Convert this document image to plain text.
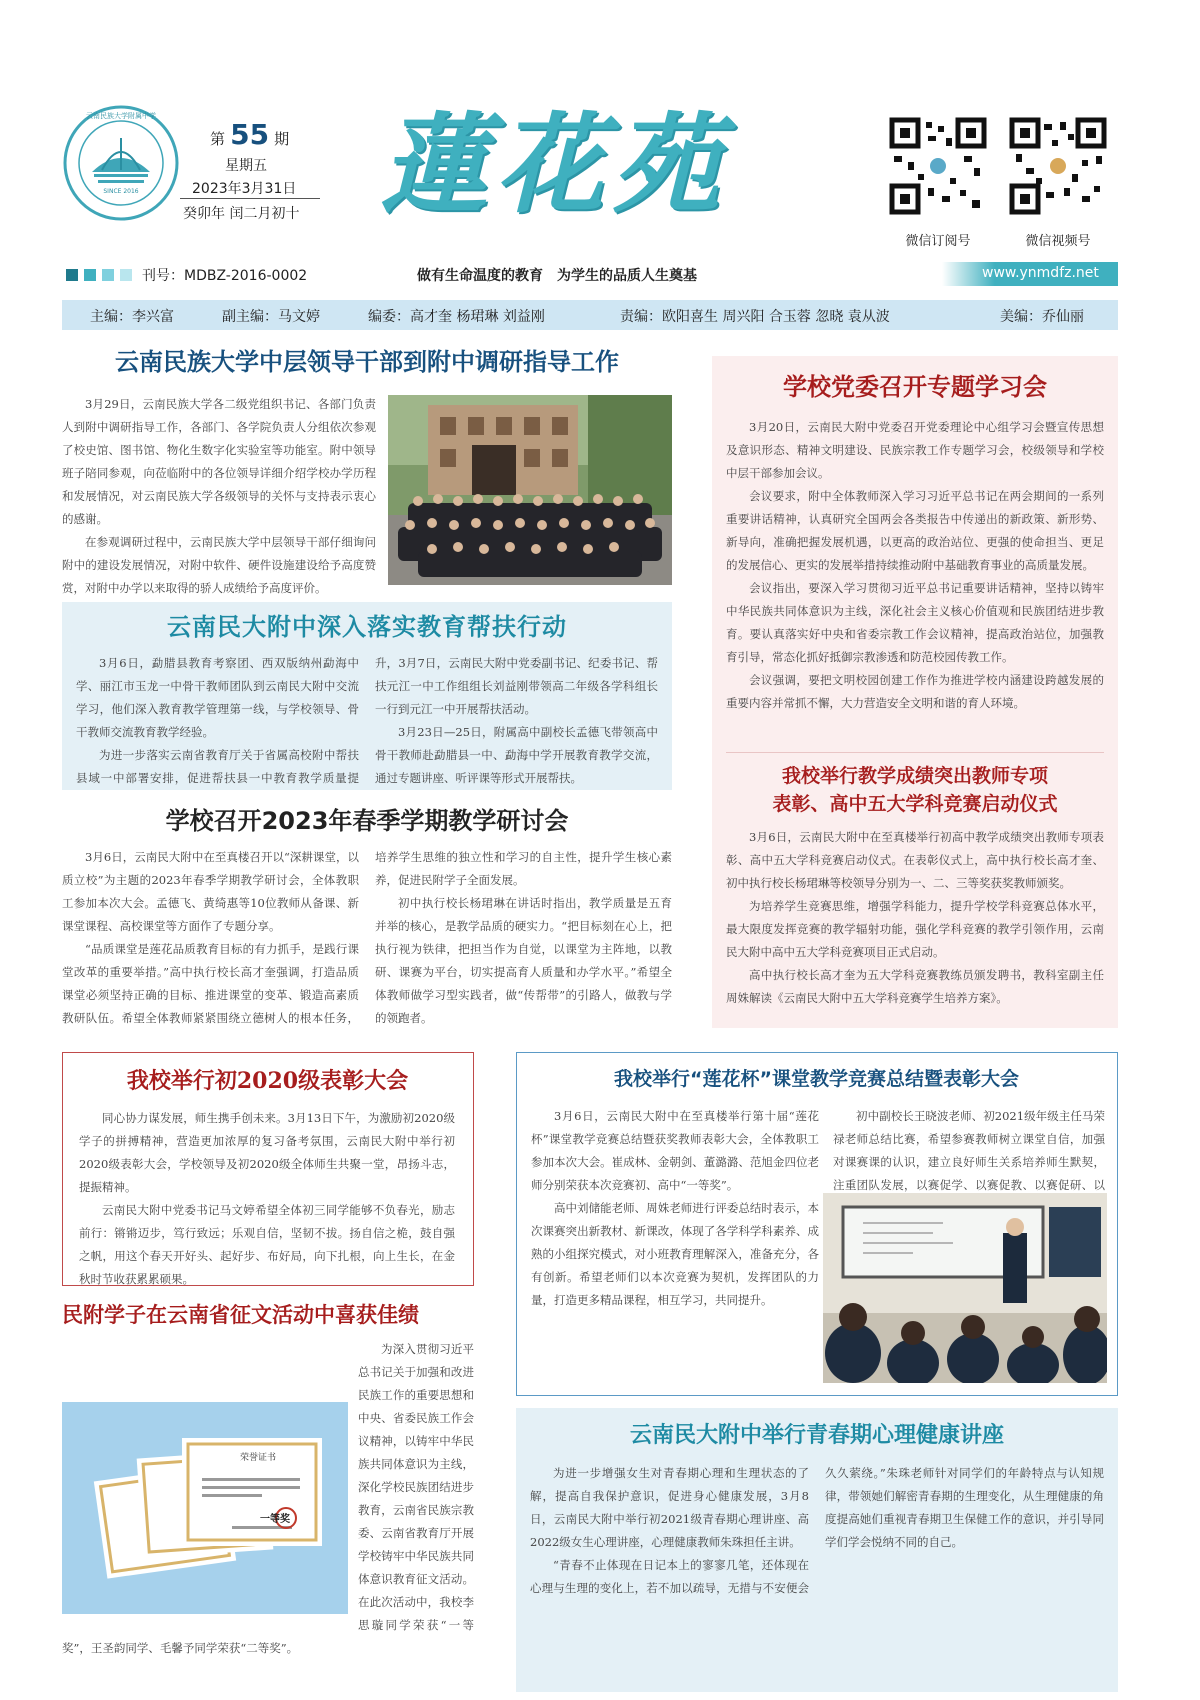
云南民族大学附属中学
SINCE 2016
第 55 期
星期五
2023年3月31日
癸卯年 闰二月初十 蓮花苑
微信订阅号	微信视频号
刊号：MDBZ-2016-0002	做有生命温度的教育　为学生的品质人生奠基	www.ynmdfz.net
主编：李兴富	副主编：马文婷	编委：高才奎 杨珺琳 刘益刚	责编：欧阳喜生 周兴阳 合玉蓉 忽晓 袁从波	美编：乔仙丽
云南民族大学中层领导干部到附中调研指导工作

3月29日，云南民族大学各二级党组织书记、各部门负责人到附中调研指导工作，各部门、各学院负责人分组依次参观了校史馆、图书馆、物化生数字化实验室等功能室。附中领导班子陪同参观，向莅临附中的各位领导详细介绍学校办学历程和发展情况，对云南民族大学各级领导的关怀与支持表示衷心的感谢。

在参观调研过程中，云南民族大学中层领导干部仔细询问附中的建设发展情况，对附中软件、硬件设施建设给予高度赞赏，对附中办学以来取得的骄人成绩给予高度评价。

云南民大附中深入落实教育帮扶行动

3月6日，勐腊县教育考察团、西双版纳州勐海中学、丽江市玉龙一中骨干教师团队到云南民大附中交流学习，他们深入教育教学管理第一线，与学校领导、骨干教师交流教育教学经验。

为进一步落实云南省教育厅关于省属高校附中帮扶县域一中部署安排，促进帮扶县一中教育教学质量提升，3月7日，云南民大附中党委副书记、纪委书记、帮扶元江一中工作组组长刘益刚带领高二年级各学科组长一行到元江一中开展帮扶活动。

3月23日—25日，附属高中副校长孟德飞带领高中骨干教师赴勐腊县一中、勐海中学开展教育教学交流，通过专题讲座、听评课等形式开展帮扶。

学校召开2023年春季学期教学研讨会

3月6日，云南民大附中在至真楼召开以“深耕课堂，以质立校”为主题的2023年春季学期教学研讨会，全体教职工参加本次大会。孟德飞、黄绮惠等10位教师从备课、新课堂课程、高校课堂等方面作了专题分享。

“品质课堂是莲花品质教育目标的有力抓手，是践行课堂改革的重要举措。”高中执行校长高才奎强调，打造品质课堂必须坚持正确的目标、推进课堂的变革、锻造高素质教研队伍。希望全体教师紧紧围绕立德树人的根本任务，培养学生思维的独立性和学习的自主性，提升学生核心素养，促进民附学子全面发展。

初中执行校长杨珺琳在讲话时指出，教学质量是五育并举的核心，是教学品质的硬实力。“把目标刻在心上，把执行视为铁律，把担当作为自觉，以课堂为主阵地，以教研、课赛为平台，切实提高育人质量和办学水平。”希望全体教师做学习型实践者，做“传帮带”的引路人，做教与学的领跑者。

学校党委召开专题学习会

3月20日，云南民大附中党委召开党委理论中心组学习会暨宣传思想及意识形态、精神文明建设、民族宗教工作专题学习会，校级领导和学校中层干部参加会议。

会议要求，附中全体教师深入学习习近平总书记在两会期间的一系列重要讲话精神，认真研究全国两会各类报告中传递出的新政策、新形势、新导向，准确把握发展机遇，以更高的政治站位、更强的使命担当、更足的发展信心、更实的发展举措持续推动附中基础教育事业的高质量发展。

会议指出，要深入学习贯彻习近平总书记重要讲话精神，坚持以铸牢中华民族共同体意识为主线，深化社会主义核心价值观和民族团结进步教育。要认真落实好中央和省委宗教工作会议精神，提高政治站位，加强教育引导，常态化抓好抵御宗教渗透和防范校园传教工作。

会议强调，要把文明校园创建工作作为推进学校内涵建设跨越发展的重要内容并常抓不懈，大力营造安全文明和谐的育人环境。

我校举行教学成绩突出教师专项
表彰、高中五大学科竞赛启动仪式

3月6日，云南民大附中在至真楼举行初高中教学成绩突出教师专项表彰、高中五大学科竞赛启动仪式。在表彰仪式上，高中执行校长高才奎、初中执行校长杨珺琳等校领导分别为一、二、三等奖获奖教师颁奖。

为培养学生竞赛思维，增强学科能力，提升学校学科竞赛总体水平，最大限度发挥竞赛的教学辐射功能，强化学科竞赛的教学引领作用，云南民大附中高中五大学科竞赛项目正式启动。

高中执行校长高才奎为五大学科竞赛教练员颁发聘书，教科室副主任周姝解读《云南民大附中五大学科竞赛学生培养方案》。

我校举行初2020级表彰大会

同心协力谋发展，师生携手创未来。3月13日下午，为激励初2020级学子的拼搏精神，营造更加浓厚的复习备考氛围，云南民大附中举行初2020级表彰大会，学校领导及初2020级全体师生共聚一堂，昂扬斗志，提振精神。

云南民大附中党委书记马文婷希望全体初三同学能够不负春光，励志前行：锵锵迈步，笃行致远；乐观自信，坚韧不拔。扬自信之桅，鼓自强之帆，用这个春天开好头、起好步、布好局，向下扎根，向上生长，在金秋时节收获累累硕果。

民附学子在云南省征文活动中喜获佳绩
荣誉证书
一等奖

为深入贯彻习近平总书记关于加强和改进民族工作的重要思想和中央、省委民族工作会议精神，以铸牢中华民族共同体意识为主线，深化学校民族团结进步教育，云南省民族宗教委、云南省教育厅开展学校铸牢中华民族共同体意识教育征文活动。在此次活动中，我校李思璇同学荣获“一等奖”，王圣韵同学、毛馨予同学荣获“二等奖”。

我校举行“莲花杯”课堂教学竞赛总结暨表彰大会

3月6日，云南民大附中在至真楼举行第十届“莲花杯”课堂教学竞赛总结暨获奖教师表彰大会，全体教职工参加本次大会。崔成林、金朝剑、董潞潞、范旭金四位老师分别荣获本次竞赛初、高中“一等奖”。

高中刘储能老师、周姝老师进行评委总结时表示，本次课赛突出新教材、新课改，体现了各学科学科素养、成熟的小组探究模式，对小班教育理解深入，准备充分，各有创新。希望老师们以本次竞赛为契机，发挥团队的力量，打造更多精品课程，相互学习，共同提升。

初中副校长王晓波老师、初2021级年级主任马荣禄老师总结比赛，希望参赛教师树立课堂自信，加强对课赛课的认识，建立良好师生关系培养师生默契，注重团队发展，以赛促学、以赛促教、以赛促研、以

云南民大附中举行青春期心理健康讲座

为进一步增强女生对青春期心理和生理状态的了解，提高自我保护意识，促进身心健康发展，3月8日，云南民大附中举行初2021级青春期心理讲座、高2022级女生心理讲座，心理健康教师朱珠担任主讲。

“青春不止体现在日记本上的寥寥几笔，还体现在心理与生理的变化上，若不加以疏导，无措与不安便会久久萦绕。”朱珠老师针对同学们的年龄特点与认知规律，带领她们解密青春期的生理变化，从生理健康的角度提高她们重视青春期卫生保健工作的意识，并引导同学们学会悦纳不同的自己。
